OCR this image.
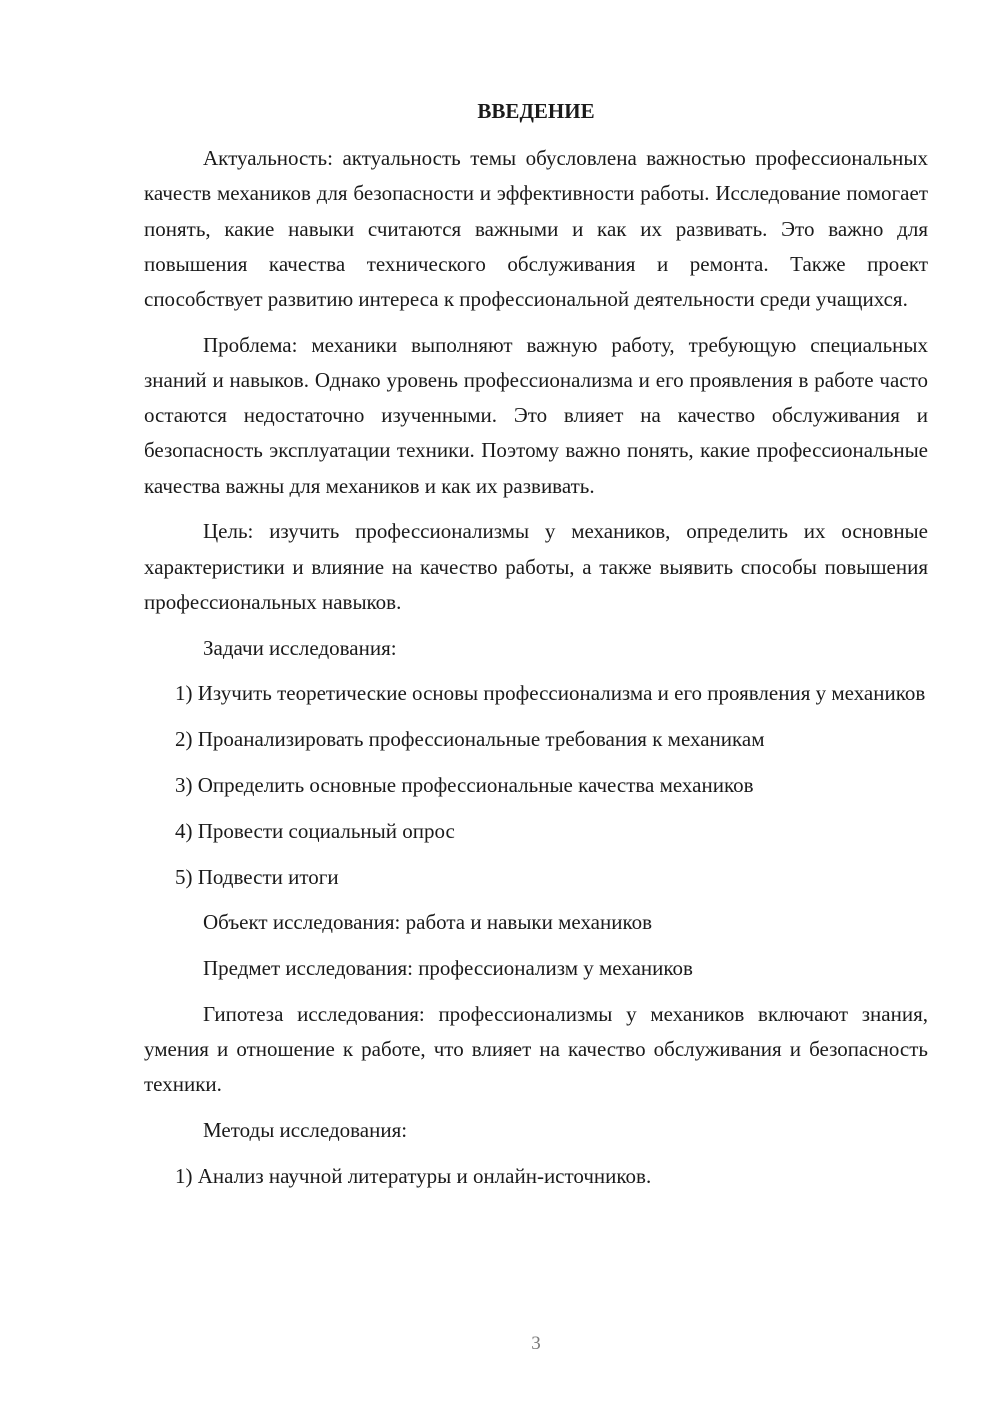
ВВЕДЕНИЕ

Актуальность: актуальность темы обусловлена важностью профессиональных качеств механиков для безопасности и эффективности работы. Исследование помогает понять, какие навыки считаются важными и как их развивать. Это важно для повышения качества технического обслуживания и ремонта. Также проект способствует развитию интереса к профессиональной деятельности среди учащихся.

Проблема: механики выполняют важную работу, требующую специальных знаний и навыков. Однако уровень профессионализма и его проявления в работе часто остаются недостаточно изученными. Это влияет на качество обслуживания и безопасность эксплуатации техники. Поэтому важно понять, какие профессиональные качества важны для механиков и как их развивать.

Цель: изучить профессионализмы у механиков, определить их основные характеристики и влияние на качество работы, а также выявить способы повышения профессиональных навыков.

Задачи исследования:

1) Изучить теоретические основы профессионализма и его проявления у механиков

2) Проанализировать профессиональные требования к механикам

3) Определить основные профессиональные качества механиков

4) Провести социальный опрос

5) Подвести итоги

Объект исследования: работа и навыки механиков

Предмет исследования: профессионализм у механиков

Гипотеза исследования: профессионализмы у механиков включают знания, умения и отношение к работе, что влияет на качество обслуживания и безопасность техники.

Методы исследования:

1) Анализ научной литературы и онлайн-источников.

3
